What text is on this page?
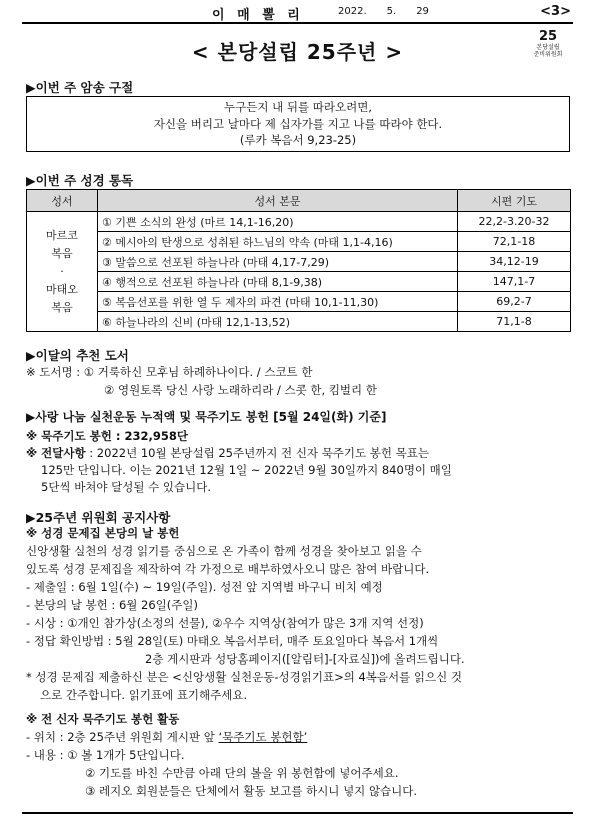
이 매 뽈 리	2022. 5. 29	<3>
< 본당설립 25주년 >
25
본당설립
준비위원회
▶이번 주 암송 구절
누구든지 내 뒤를 따라오려면,
자신을 버리고 날마다 제 십자가를 지고 나를 따라야 한다.
(루카 복음서 9,23-25)
▶이번 주 성경 통독
성서	성서 본문	시편 기도

마르코
복음
·
마태오
복음	① 기쁜 소식의 완성 (마르 14,1-16,20)	22,2-3.20-32
	② 메시아의 탄생으로 성취된 하느님의 약속 (마태 1,1-4,16)	72,1-18
	③ 말씀으로 선포된 하늘나라 (마태 4,17-7,29)	34,12-19
	④ 행적으로 선포된 하늘나라 (마태 8,1-9,38)	147,1-7
	⑤ 복음선포를 위한 열 두 제자의 파견 (마태 10,1-11,30)	69,2-7
	⑥ 하늘나라의 신비 (마태 12,1-13,52)	71,1-8
▶이달의 추천 도서
※ 도서명 : ① 거룩하신 모후님 하례하나이다. / 스코트 한
② 영원토록 당신 사랑 노래하리라 / 스콧 한, 킴벌리 한
▶사랑 나눔 실천운동 누적액 및 묵주기도 봉헌 [5월 24일(화) 기준]
※ 묵주기도 봉헌 : 232,958단
※ 전달사항 : 2022년 10월 본당설립 25주년까지 전 신자 묵주기도 봉헌 목표는
125만 단입니다. 이는 2021년 12월 1일 ~ 2022년 9월 30일까지 840명이 매일
5단씩 바쳐야 달성될 수 있습니다.
▶25주년 위원회 공지사항
※ 성경 문제집 본당의 날 봉헌
신앙생활 실천의 성경 읽기를 중심으로 온 가족이 함께 성경을 찾아보고 읽을 수
있도록 성경 문제집을 제작하여 각 가정으로 배부하였사오니 많은 참여 바랍니다.
- 제출일 : 6월 1일(수) ~ 19일(주일). 성전 앞 지역별 바구니 비치 예정
- 본당의 날 봉헌 : 6월 26일(주일)
- 시상 : ①개인 참가상(소정의 선물), ②우수 지역상(참여가 많은 3개 지역 선정)
- 정답 확인방법 : 5월 28일(토) 마태오 복음서부터, 매주 토요일마다 복음서 1개씩
2층 게시판과 성당홈페이지([알림터]-[자료실])에 올려드립니다.
* 성경 문제집 제출하신 분은 <신앙생활 실천운동-성경읽기표>의 4복음서를 읽으신 것
으로 간주합니다. 읽기표에 표기해주세요.
※ 전 신자 묵주기도 봉헌 활동
- 위치 : 2층 25주년 위원회 게시판 앞 ‘묵주기도 봉헌함’
- 내용 : ① 볼 1개가 5단입니다.
② 기도를 바친 수만큼 아래 단의 볼을 위 봉헌함에 넣어주세요.
③ 레지오 회원분들은 단체에서 활동 보고를 하시니 넣지 않습니다.
